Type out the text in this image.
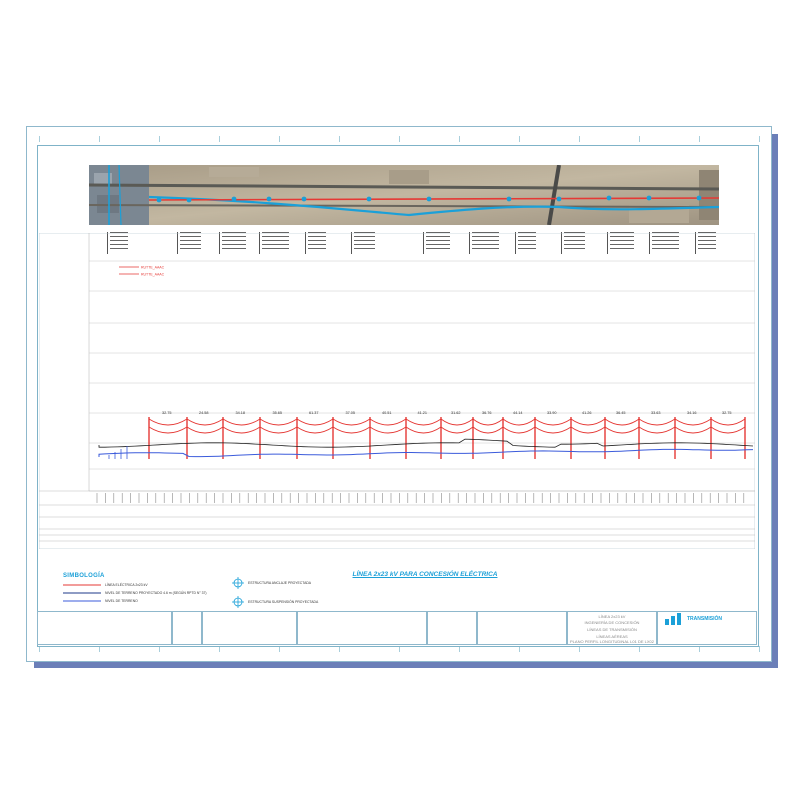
RUTTE_AAAC
RUTTE_AAAC
32.75	24.58	34.18	35.65	61.37	37.05	40.51	41.21	31.62	36.76	44.14	33.90	41.26	36.45	33.63	34.16	32.75
SIMBOLOGÍA
LÍNEA ELÉCTRICA 2x23 kV
NIVEL DE TERRENO PROYECTADO 4.6 m (SEGÚN RPTD N° 37)
NIVEL DE TERRENO
ESTRUCTURA ANCLAJE PROYECTADA
ESTRUCTURA SUSPENSIÓN PROYECTADA
LÍNEA 2x23 kV PARA CONCESIÓN ELÉCTRICA
LÍNEA 2x23 kV
INGENIERÍA DE CONCESIÓN
LÍNEAS DE TRANSMISIÓN
LÍNEAS AÉREAS
PLANO PERFIL LONGITUDINAL L01 DE LX02
TRANSMISIÓN
